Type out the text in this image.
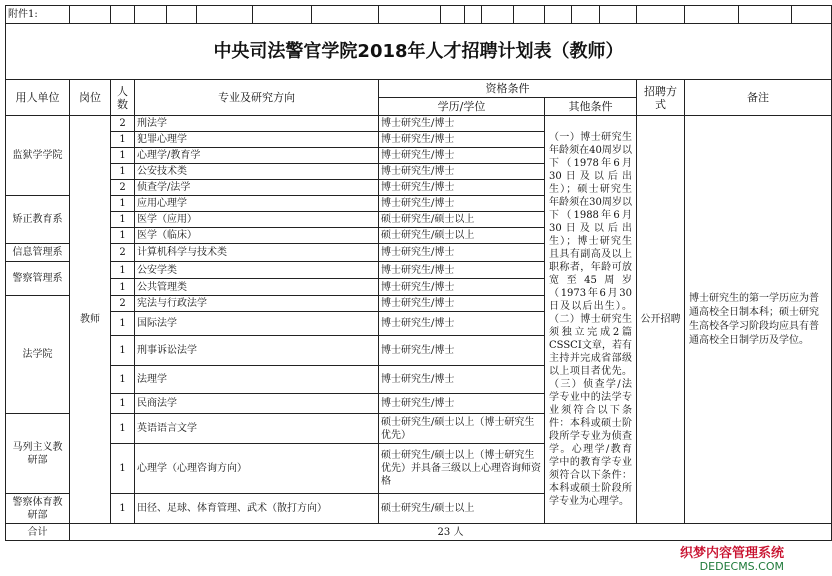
附件1:																			
中央司法警官学院2018年人才招聘计划表（教师）																			
用人单位	岗位	人数	专业及研究方向					资格条件								招聘方式	备注		
								学历/学位					其他条件						
监狱学学院	教师	2	刑法学					博士研究生/博士					（一）博士研究生年龄须在40周岁以下（1978年6月30日及以后出生）；硕士研究生年龄须在30周岁以下（1988年6月30日及以后出生）；博士研究生且具有副高及以上职称者，年龄可放宽至45周岁（1973年6月30日及以后出生）。（二）博士研究生须独立完成2篇CSSCI文章，若有主持并完成省部级以上项目者优先。（三）侦查学/法学专业中的法学专业须符合以下条件：本科或硕士阶段所学专业为侦查学。心理学/教育学中的教育学专业须符合以下条件：本科或硕士阶段所学专业为心理学。			公开招聘	博士研究生的第一学历应为普通高校全日制本科；硕士研究生高校各学习阶段均应具有普通高校全日制学历及学位。		
		1	犯罪心理学					博士研究生/博士											
		1	心理学/教育学					博士研究生/博士											
		1	公安技术类					博士研究生/博士											
		2	侦查学/法学					博士研究生/博士											
矫正教育系		1	应用心理学					博士研究生/博士											
		1	医学（应用）					硕士研究生/硕士以上											
		1	医学（临床）					硕士研究生/硕士以上											
信息管理系		2	计算机科学与技术类					博士研究生/博士											
警察管理系		1	公安学类					博士研究生/博士											
		1	公共管理类					博士研究生/博士											
法学院		2	宪法与行政法学					博士研究生/博士											
		1	国际法学					博士研究生/博士											
		1	刑事诉讼法学					博士研究生/博士											
		1	法理学					博士研究生/博士											
		1	民商法学					博士研究生/博士											
马列主义教研部		1	英语语言文学					硕士研究生/硕士以上（博士研究生优先）											
		1	心理学（心理咨询方向）					硕士研究生/硕士以上（博士研究生优先）并具备三级以上心理咨询师资格											
警察体育教研部		1	田径、足球、体育管理、武术（散打方向）					硕士研究生/硕士以上											
合计	23 人																		
织梦内容管理系统
DEDECMS.COM
